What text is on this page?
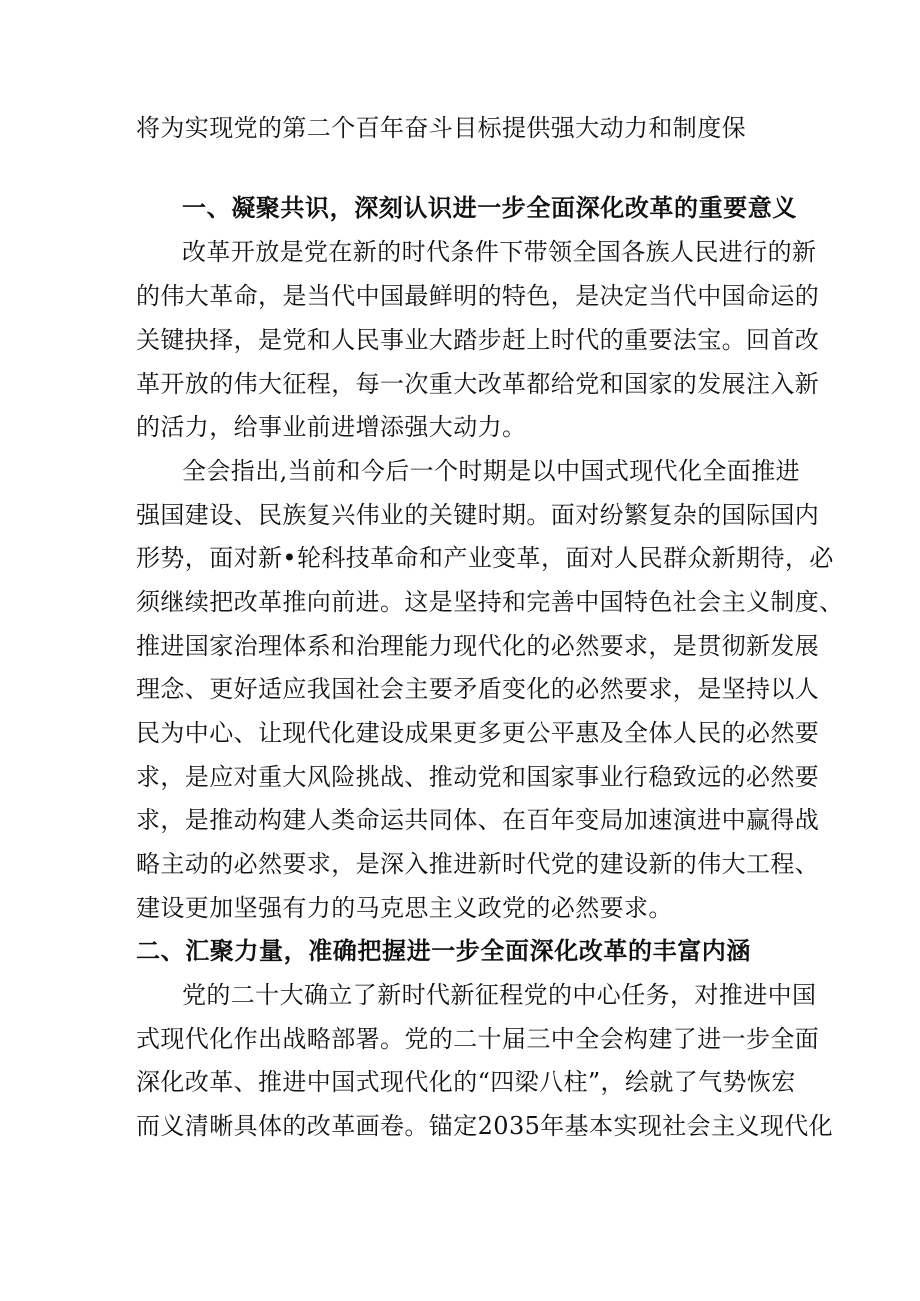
将为实现党的第二个百年奋斗目标提供强大动力和制度保
一、凝聚共识，深刻认识进一步全面深化改革的重要意义
改革开放是党在新的时代条件下带领全国各族人民进行的新
的伟大革命，是当代中国最鲜明的特色，是决定当代中国命运的
关键抉择，是党和人民事业大踏步赶上时代的重要法宝。回首改
革开放的伟大征程，每一次重大改革都给党和国家的发展注入新
的活力，给事业前进增添强大动力。
全会指出,当前和今后一个时期是以中国式现代化全面推进
强国建设、民族复兴伟业的关键时期。面对纷繁复杂的国际国内
形势，面对新•轮科技革命和产业变革，面对人民群众新期待，必
须继续把改革推向前进。这是坚持和完善中国特色社会主义制度、
推进国家治理体系和治理能力现代化的必然要求，是贯彻新发展
理念、更好适应我国社会主要矛盾变化的必然要求，是坚持以人
民为中心、让现代化建设成果更多更公平惠及全体人民的必然要
求，是应对重大风险挑战、推动党和国家事业行稳致远的必然要
求，是推动构建人类命运共同体、在百年变局加速演进中赢得战
略主动的必然要求，是深入推进新时代党的建设新的伟大工程、
建设更加坚强有力的马克思主义政党的必然要求。
二、汇聚力量，准确把握进一步全面深化改革的丰富内涵
党的二十大确立了新时代新征程党的中心任务，对推进中国
式现代化作出战略部署。党的二十届三中全会构建了进一步全面
深化改革、推进中国式现代化的“四梁八柱”，绘就了气势恢宏
而义清晰具体的改革画卷。锚定2035年基本实现社会主义现代化
